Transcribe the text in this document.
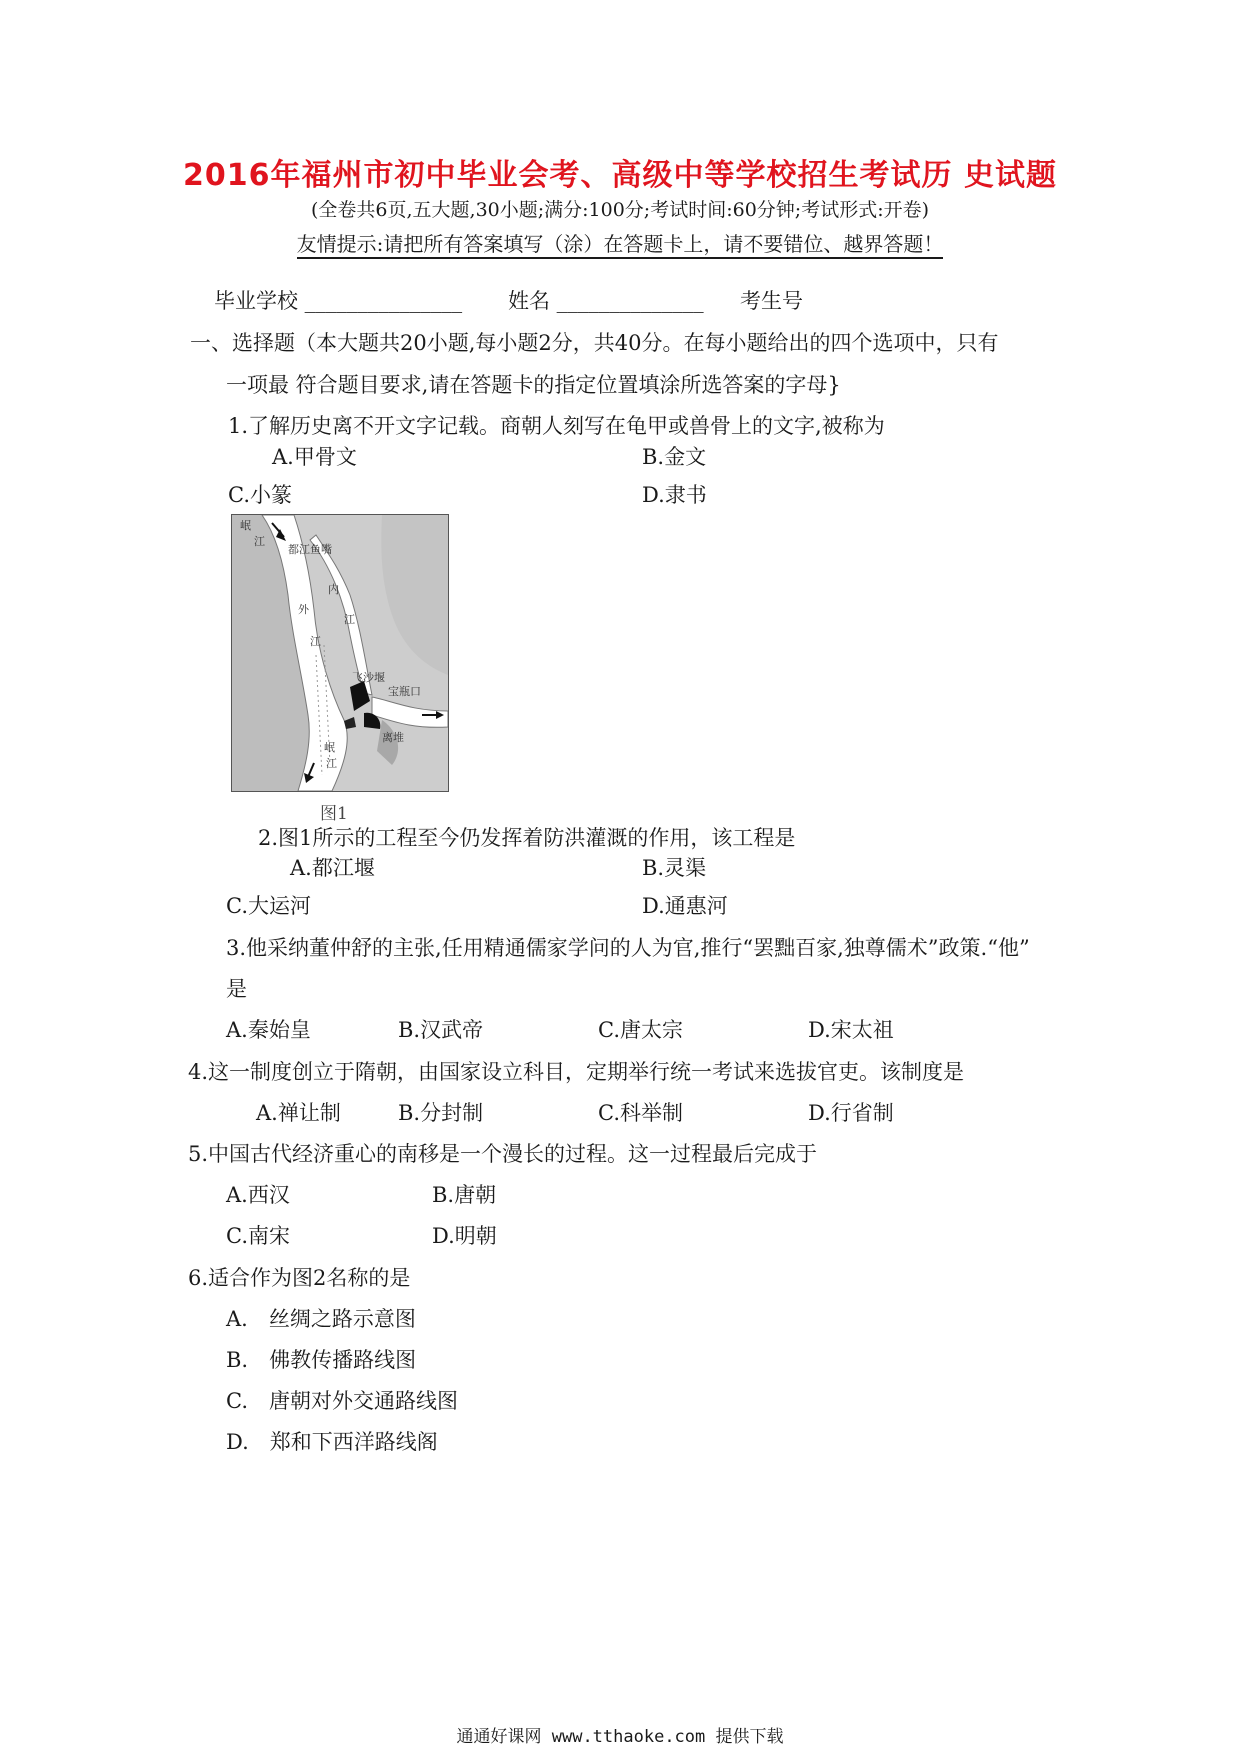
2016年福州市初中毕业会考、高级中等学校招生考试历 史试题
(全卷共6页,五大题,30小题;满分:100分;考试时间:60分钟;考试形式:开卷)
友情提示:请把所有答案填写（涂）在答题卡上，请不要错位、越界答题！
毕业学校 _______________ 姓名 ______________ 考生号
一、选择题（本大题共20小题,每小题2分，共40分。在每小题给出的四个选项中，只有
一项最 符合题目要求,请在答题卡的指定位置填涂所选答案的字母}
1.了解历史离不开文字记载。商朝人刻写在龟甲或兽骨上的文字,被称为
A.甲骨文	B.金文
C.小篆	D.隶书
岷
江
都江鱼嘴
内
江
外
江
飞沙堰
宝瓶口
离堆
岷
江
图1
2.图1所示的工程至今仍发挥着防洪灌溉的作用，该工程是
A.都江堰	B.灵渠
C.大运河	D.通惠河
3.他采纳董仲舒的主张,任用精通儒家学问的人为官,推行“罢黜百家,独尊儒术”政策.“他”
是
A.秦始皇	B.汉武帝	C.唐太宗	D.宋太祖
4.这一制度创立于隋朝，由国家设立科目，定期举行统一考试来选拔官吏。该制度是
A.禅让制	B.分封制	C.科举制	D.行省制
5.中国古代经济重心的南移是一个漫长的过程。这一过程最后完成于
A.西汉	B.唐朝
C.南宋	D.明朝
6.适合作为图2名称的是
A.　丝绸之路示意图
B.　佛教传播路线图
C.　唐朝对外交通路线图
D.　郑和下西洋路线阁
通通好课网 www.tthaoke.com 提供下载
